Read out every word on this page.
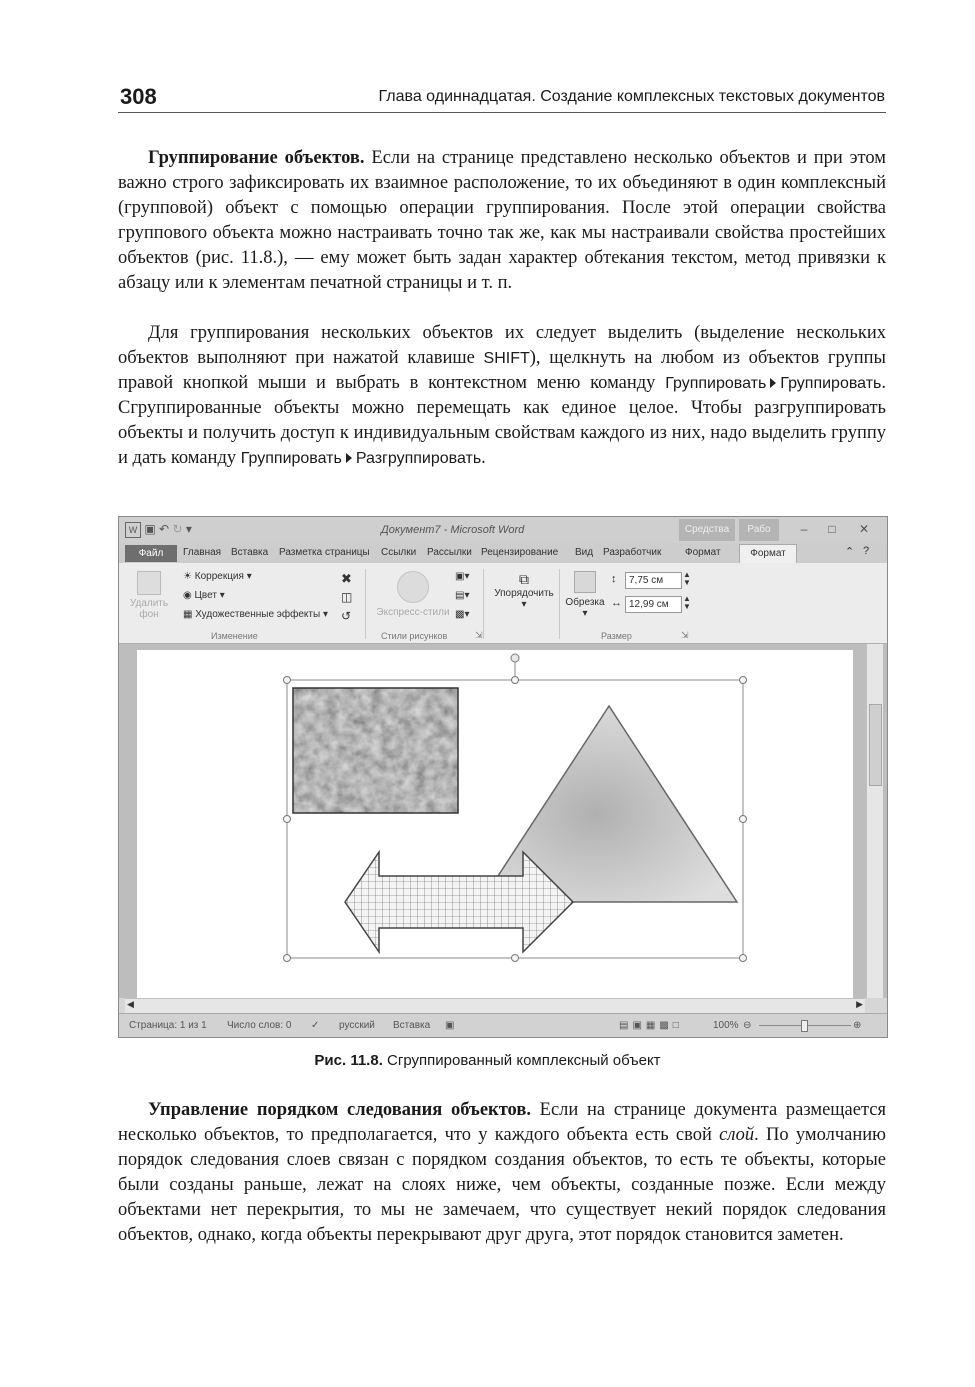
308	Глава одиннадцатая. Создание комплексных текстовых документов

Группирование объектов. Если на странице представлено несколько объектов и при этом важно строго зафиксировать их взаимное расположение, то их объединяют в один комплексный (групповой) объект с помощью операции группирования. После этой операции свойства группового объекта можно настраивать точно так же, как мы настраивали свойства простейших объектов (рис. 11.8.), — ему может быть задан характер обтекания текстом, метод привязки к абзацу или к элементам печатной страницы и т. п.

Для группирования нескольких объектов их следует выделить (выделение нескольких объектов выполняют при нажатой клавише SHIFT), щелкнуть на любом из объектов группы правой кнопкой мыши и выбрать в контекстном меню команду Группировать Группировать. Сгруппированные объекты можно перемещать как единое целое. Чтобы разгруппировать объекты и получить доступ к индивидуальным свойствам каждого из них, надо выделить группу и дать команду Группировать Разгруппировать.

W ▣ ↶ ↻ ▾	Документ7 - Microsoft Word	Средства	Рабо	–	□	✕
Файл	Главная Вставка Разметка страницы Ссылки Рассылки Рецензирование Вид Разработчик Формат	Формат	⌃ ?
Удалить фон
☀ Коррекция ▾
◉ Цвет ▾
▦ Художественные эффекты ▾
✖
◫
↺
Изменение
Экспресс-стили
▣▾
▤▾
▩▾
Стили рисунков	⇲
⧉
Упорядочить
▾	Обрезка
▾
↕	7,75 см
▲
▼
↔ 12,99 см
▲
▼
Размер	⇲
◀	▶
Страница: 1 из 1 Число слов: 0 ✓ русский Вставка ▣	▤▣▦▩□	100% ⊖	⊕
Рис. 11.8. Сгруппированный комплексный объект

Управление порядком следования объектов. Если на странице документа размещается несколько объектов, то предполагается, что у каждого объекта есть свой слой. По умолчанию порядок следования слоев связан с порядком создания объектов, то есть те объекты, которые были созданы раньше, лежат на слоях ниже, чем объекты, созданные позже. Если между объектами нет перекрытия, то мы не замечаем, что существует некий порядок следования объектов, однако, когда объекты перекрывают друг друга, этот порядок становится заметен.
